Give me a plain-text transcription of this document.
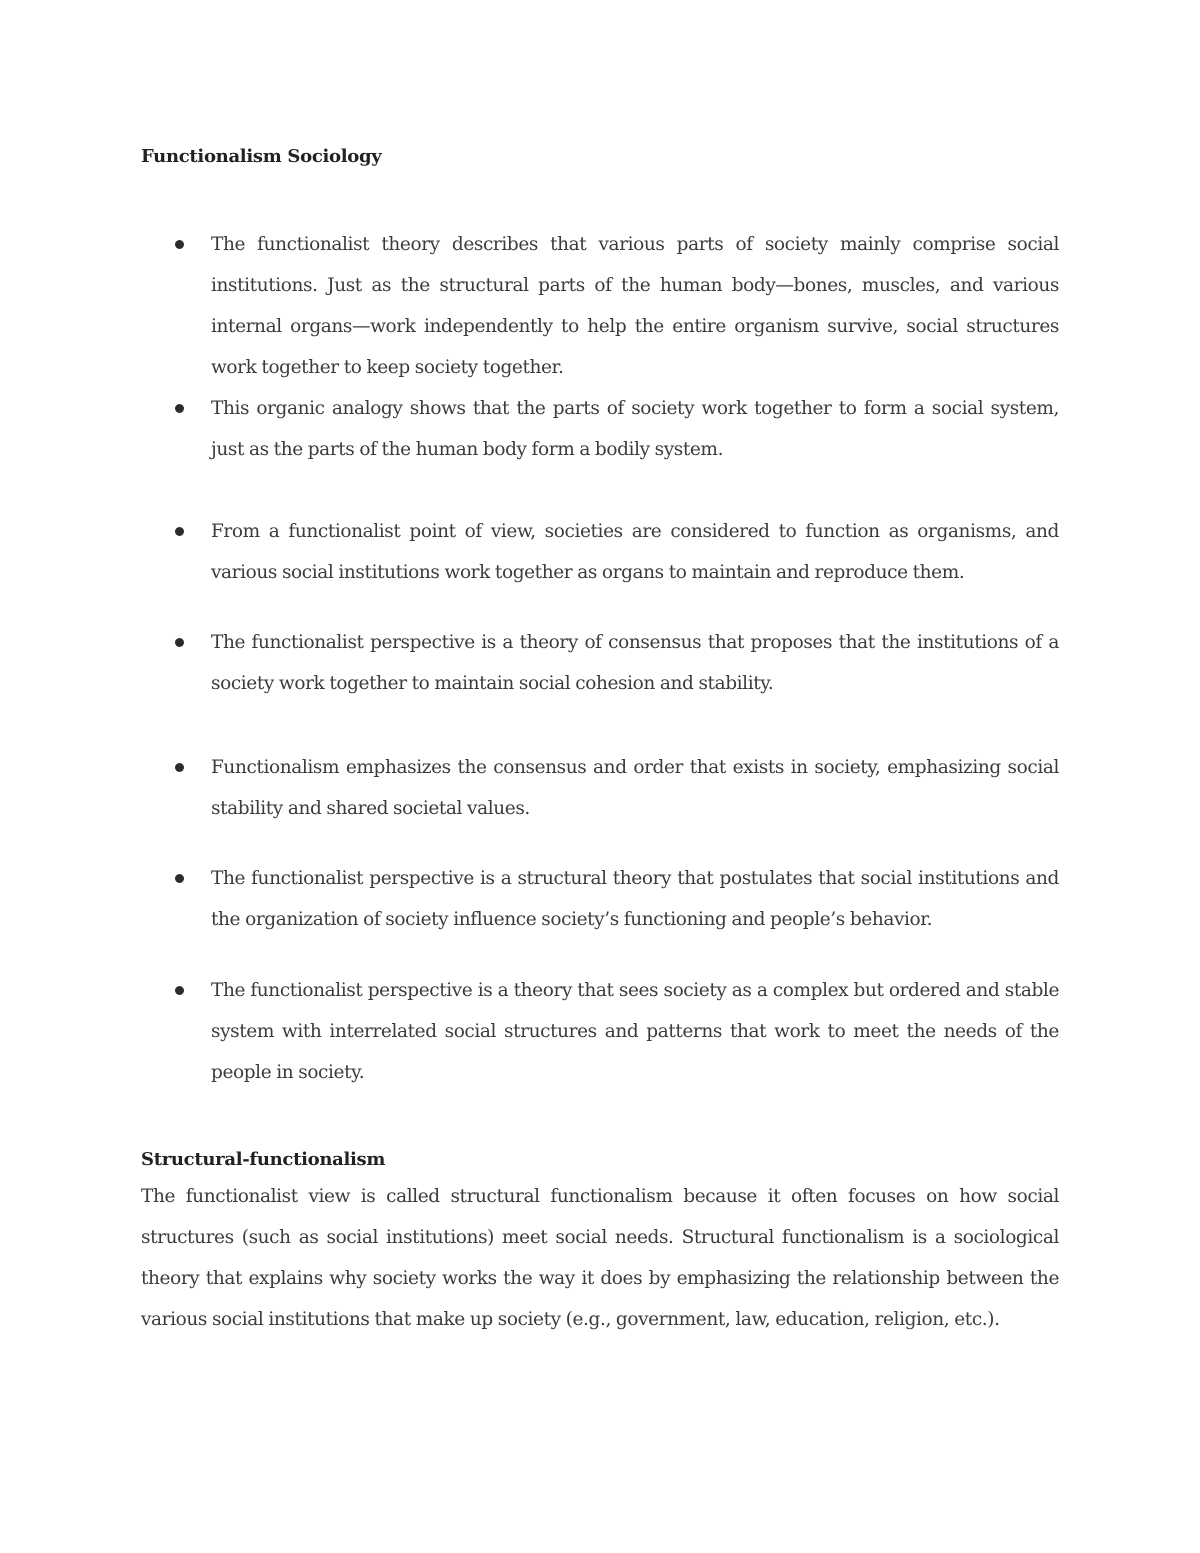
Functionalism Sociology
The functionalist theory describes that various parts of society mainly comprise social institutions. Just as the structural parts of the human body—bones, muscles, and various internal organs—work independently to help the entire organism survive, social structures work together to keep society together.
This organic analogy shows that the parts of society work together to form a social system, just as the parts of the human body form a bodily system.
From a functionalist point of view, societies are considered to function as organisms, and various social institutions work together as organs to maintain and reproduce them.
The functionalist perspective is a theory of consensus that proposes that the institutions of a society work together to maintain social cohesion and stability.
Functionalism emphasizes the consensus and order that exists in society, emphasizing social stability and shared societal values.
The functionalist perspective is a structural theory that postulates that social institutions and the organization of society influence society’s functioning and people’s behavior.
The functionalist perspective is a theory that sees society as a complex but ordered and stable system with interrelated social structures and patterns that work to meet the needs of the people in society.
Structural-functionalism

The functionalist view is called structural functionalism because it often focuses on how social structures (such as social institutions) meet social needs. Structural functionalism is a sociological theory that explains why society works the way it does by emphasizing the relationship between the various social institutions that make up society (e.g., government, law, education, religion, etc.).
